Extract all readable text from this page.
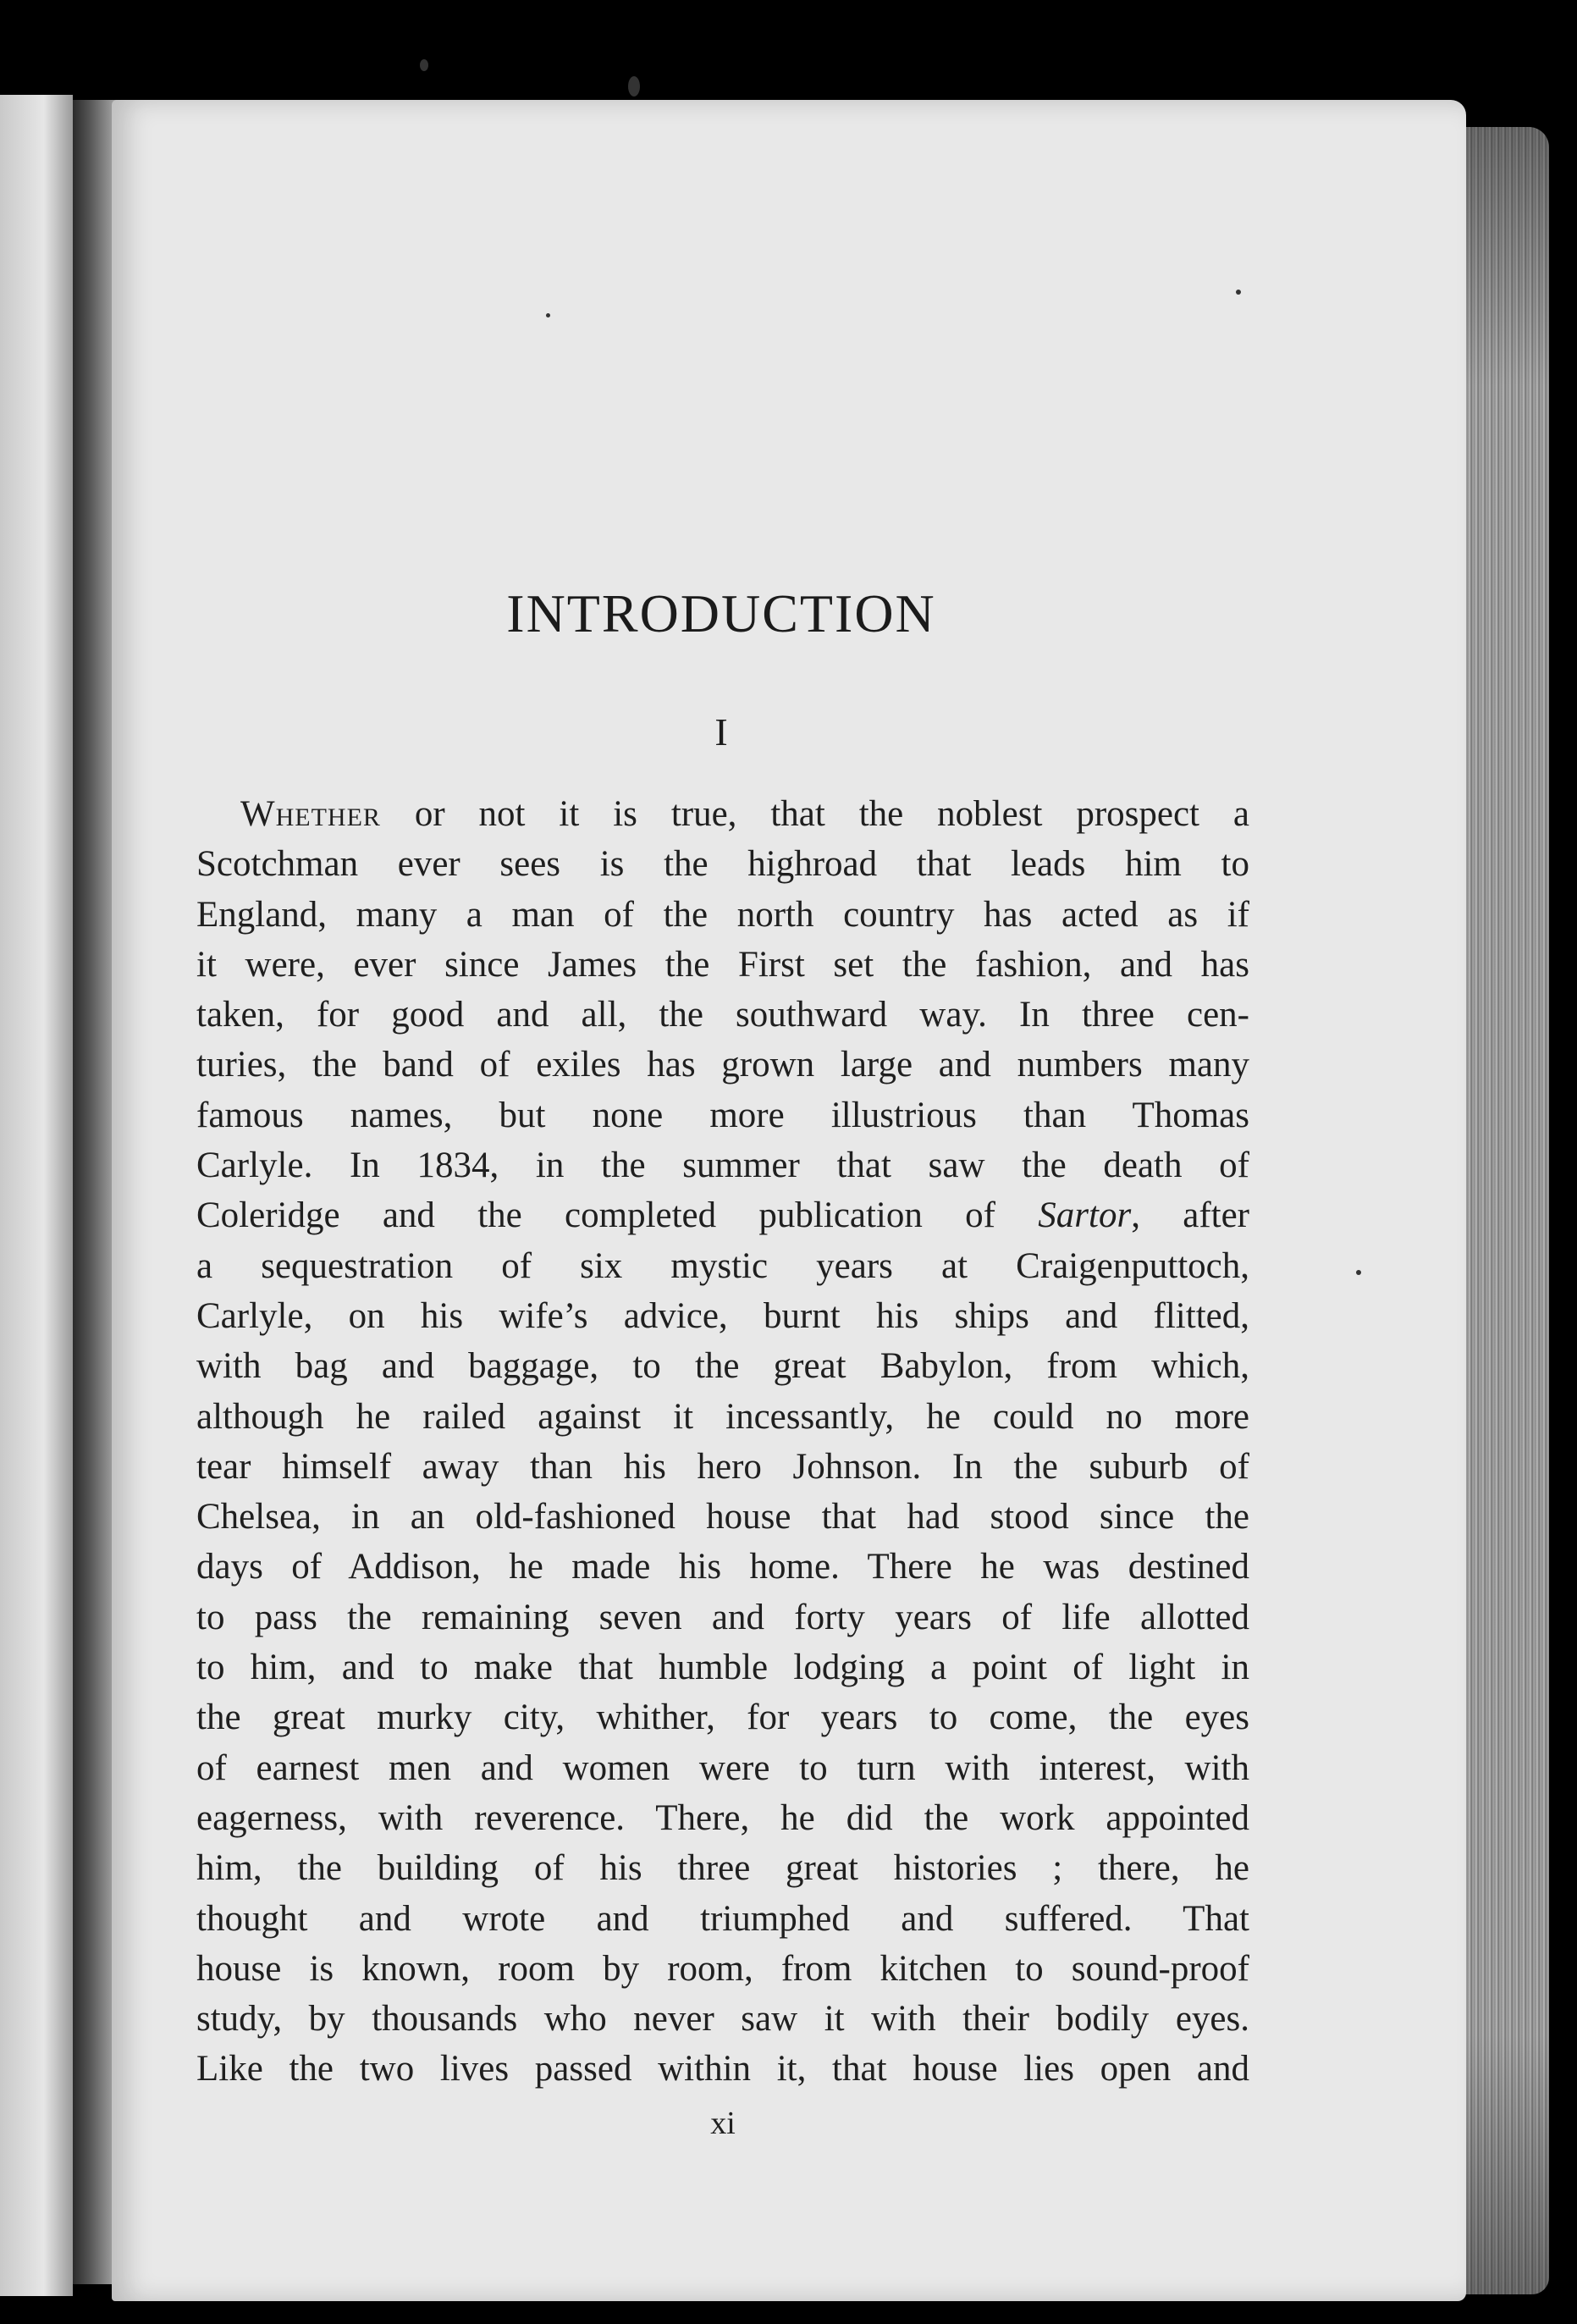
INTRODUCTION
I
Whether or not it is true, that the noblest prospect a
Scotchman ever sees is the highroad that leads him to
England, many a man of the north country has acted as if
it were, ever since James the First set the fashion, and has
taken, for good and all, the southward way. In three cen-
turies, the band of exiles has grown large and numbers many
famous names, but none more illustrious than Thomas
Carlyle. In 1834, in the summer that saw the death of
Coleridge and the completed publication of Sartor, after
a sequestration of six mystic years at Craigenputtoch,
Carlyle, on his wife’s advice, burnt his ships and flitted,
with bag and baggage, to the great Babylon, from which,
although he railed against it incessantly, he could no more
tear himself away than his hero Johnson. In the suburb of
Chelsea, in an old-fashioned house that had stood since the
days of Addison, he made his home. There he was destined
to pass the remaining seven and forty years of life allotted
to him, and to make that humble lodging a point of light in
the great murky city, whither, for years to come, the eyes
of earnest men and women were to turn with interest, with
eagerness, with reverence. There, he did the work appointed
him, the building of his three great histories ; there, he
thought and wrote and triumphed and suffered. That
house is known, room by room, from kitchen to sound-proof
study, by thousands who never saw it with their bodily eyes.
Like the two lives passed within it, that house lies open and
xi
